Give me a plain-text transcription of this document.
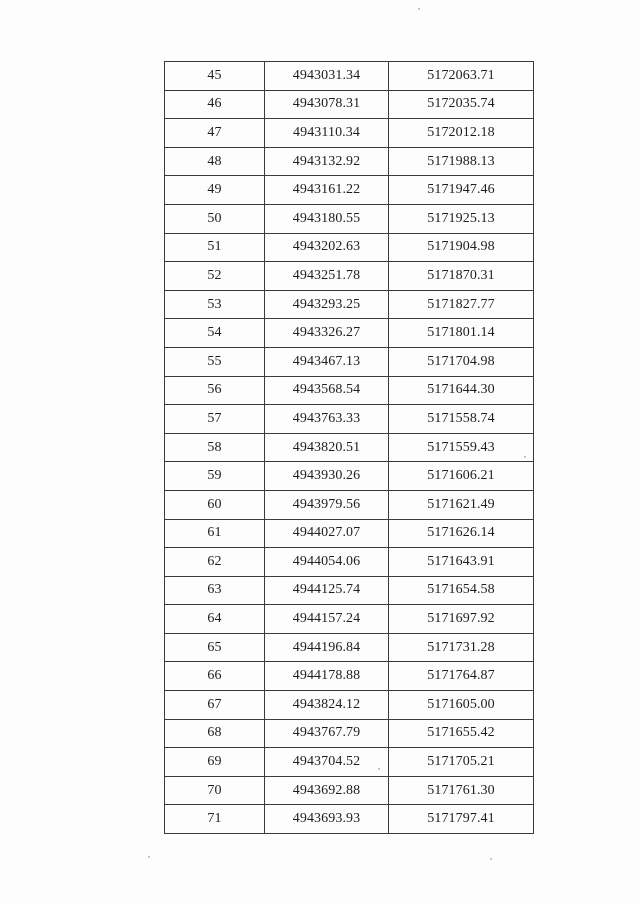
45	4943031.34	5172063.71
46	4943078.31	5172035.74
47	4943110.34	5172012.18
48	4943132.92	5171988.13
49	4943161.22	5171947.46
50	4943180.55	5171925.13
51	4943202.63	5171904.98
52	4943251.78	5171870.31
53	4943293.25	5171827.77
54	4943326.27	5171801.14
55	4943467.13	5171704.98
56	4943568.54	5171644.30
57	4943763.33	5171558.74
58	4943820.51	5171559.43
59	4943930.26	5171606.21
60	4943979.56	5171621.49
61	4944027.07	5171626.14
62	4944054.06	5171643.91
63	4944125.74	5171654.58
64	4944157.24	5171697.92
65	4944196.84	5171731.28
66	4944178.88	5171764.87
67	4943824.12	5171605.00
68	4943767.79	5171655.42
69	4943704.52	5171705.21
70	4943692.88	5171761.30
71	4943693.93	5171797.41
